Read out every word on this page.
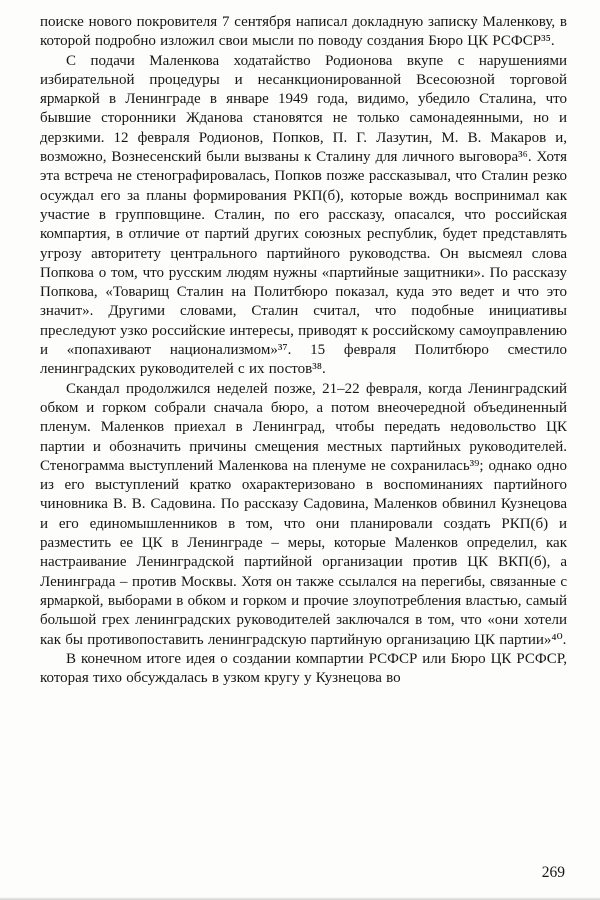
поиске нового покровителя 7 сентября написал докладную записку Маленкову, в которой подробно изложил свои мысли по поводу создания Бюро ЦК РСФСР³⁵.

С подачи Маленкова ходатайство Родионова вкупе с нарушениями избирательной процедуры и несанкционированной Всесоюзной торговой ярмаркой в Ленинграде в январе 1949 года, видимо, убедило Сталина, что бывшие сторонники Жданова становятся не только самонадеянными, но и дерзкими. 12 февраля Родионов, Попков, П. Г. Лазутин, М. В. Макаров и, возможно, Вознесенский были вызваны к Сталину для личного выговора³⁶. Хотя эта встреча не стенографировалась, Попков позже рассказывал, что Сталин резко осуждал его за планы формирования РКП(б), которые вождь воспринимал как участие в групповщине. Сталин, по его рассказу, опасался, что российская компартия, в отличие от партий других союзных республик, будет представлять угрозу авторитету центрального партийного руководства. Он высмеял слова Попкова о том, что русским людям нужны «партийные защитники». По рассказу Попкова, «Товарищ Сталин на Политбюро показал, куда это ведет и что это значит». Другими словами, Сталин считал, что подобные инициативы преследуют узко российские интересы, приводят к российскому самоуправлению и «попахивают национализмом»³⁷. 15 февраля Политбюро сместило ленинградских руководителей с их постов³⁸.

Скандал продолжился неделей позже, 21–22 февраля, когда Ленинградский обком и горком собрали сначала бюро, а потом внеочередной объединенный пленум. Маленков приехал в Ленинград, чтобы передать недовольство ЦК партии и обозначить причины смещения местных партийных руководителей. Стенограмма выступлений Маленкова на пленуме не сохранилась³⁹; однако одно из его выступлений кратко охарактеризовано в воспоминаниях партийного чиновника В. В. Садовина. По рассказу Садовина, Маленков обвинил Кузнецова и его единомышленников в том, что они планировали создать РКП(б) и разместить ее ЦК в Ленинграде – меры, которые Маленков определил, как настраивание Ленинградской партийной организации против ЦК ВКП(б), а Ленинграда – против Москвы. Хотя он также ссылался на перегибы, связанные с ярмаркой, выборами в обком и горком и прочие злоупотребления властью, самый большой грех ленинградских руководителей заключался в том, что «они хотели как бы противопоставить ленинградскую партийную организацию ЦК партии»⁴⁰.

В конечном итоге идея о создании компартии РСФСР или Бюро ЦК РСФСР, которая тихо обсуждалась в узком кругу у Кузнецова во

269
